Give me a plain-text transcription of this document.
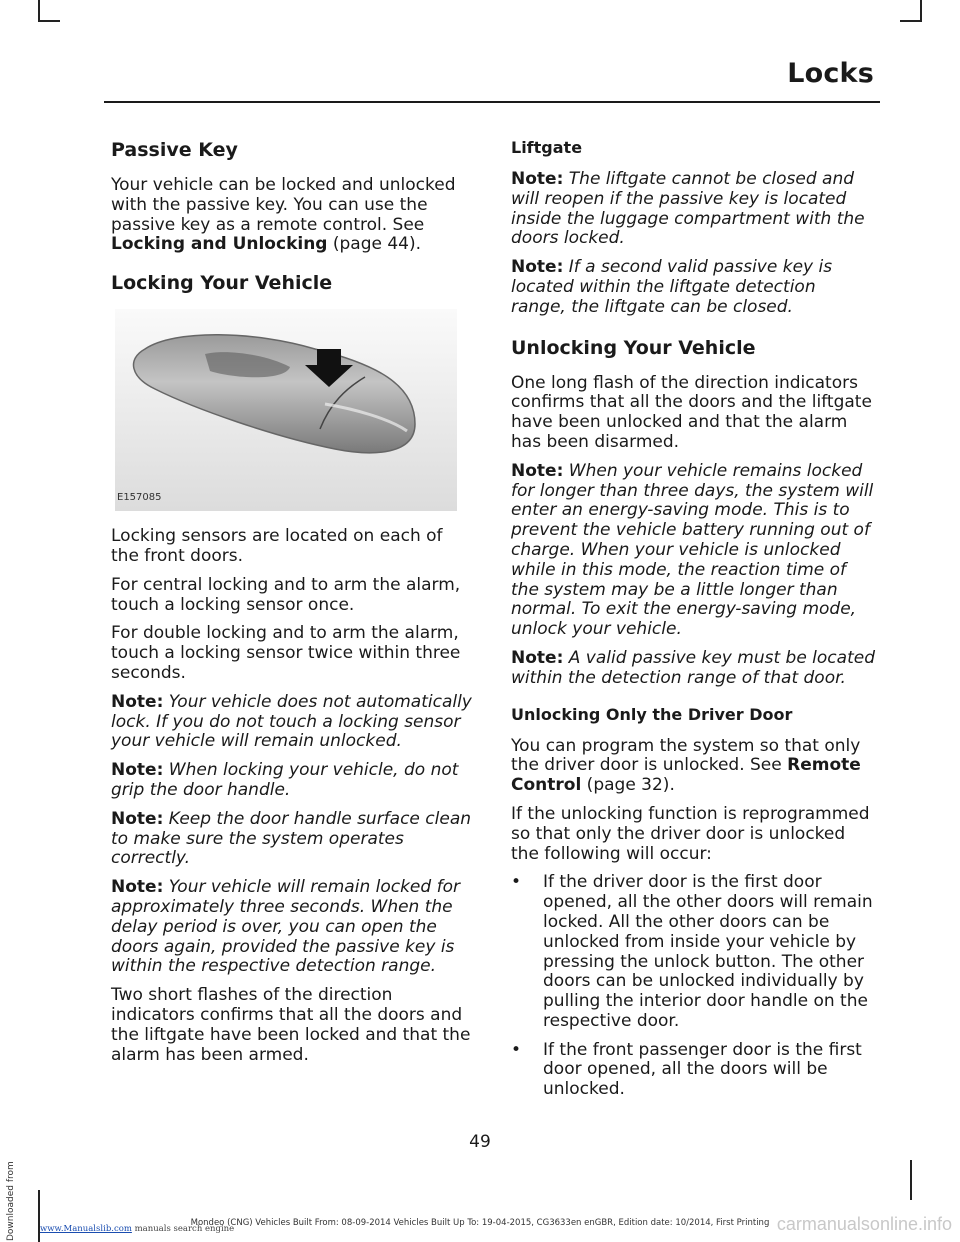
Locks
Passive Key

Your vehicle can be locked and unlocked with the passive key. You can use the passive key as a remote control. See Locking and Unlocking (page 44).

Locking Your Vehicle
E157085

Locking sensors are located on each of the front doors.

For central locking and to arm the alarm, touch a locking sensor once.

For double locking and to arm the alarm, touch a locking sensor twice within three seconds.

Note: Your vehicle does not automatically lock. If you do not touch a locking sensor your vehicle will remain unlocked.

Note: When locking your vehicle, do not grip the door handle.

Note: Keep the door handle surface clean to make sure the system operates correctly.

Note: Your vehicle will remain locked for approximately three seconds. When the delay period is over, you can open the doors again, provided the passive key is within the respective detection range.

Two short flashes of the direction indicators confirms that all the doors and the liftgate have been locked and that the alarm has been armed.

Liftgate

Note: The liftgate cannot be closed and will reopen if the passive key is located inside the luggage compartment with the doors locked.

Note: If a second valid passive key is located within the liftgate detection range, the liftgate can be closed.

Unlocking Your Vehicle

One long flash of the direction indicators confirms that all the doors and the liftgate have been unlocked and that the alarm has been disarmed.

Note: When your vehicle remains locked for longer than three days, the system will enter an energy-saving mode. This is to prevent the vehicle battery running out of charge. When your vehicle is unlocked while in this mode, the reaction time of the system may be a little longer than normal. To exit the energy-saving mode, unlock your vehicle.

Note: A valid passive key must be located within the detection range of that door.

Unlocking Only the Driver Door

You can program the system so that only the driver door is unlocked. See Remote Control (page 32).

If the unlocking function is reprogrammed so that only the driver door is unlocked the following will occur:

• If the driver door is the first door opened, all the other doors will remain locked. All the other doors can be unlocked from inside your vehicle by pressing the unlock button. The other doors can be unlocked individually by pulling the interior door handle on the respective door.
• If the front passenger door is the first door opened, all the doors will be unlocked.
49
Mondeo (CNG) Vehicles Built From: 08-09-2014 Vehicles Built Up To: 19-04-2015, CG3633en enGBR, Edition date: 10/2014, First Printing
Downloaded from	www.Manualslib.com manuals search engine	carmanualsonline.info
